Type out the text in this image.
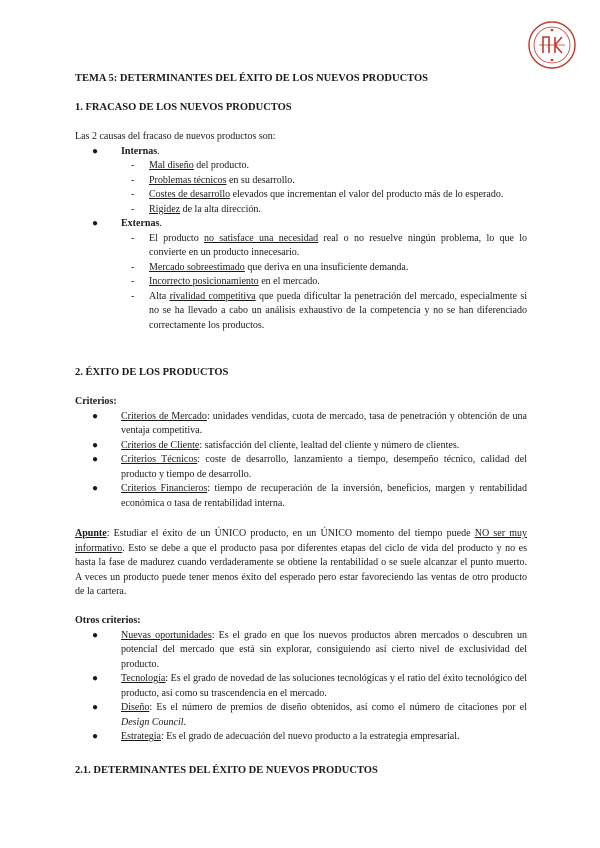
TEMA 5: DETERMINANTES DEL ÉXITO DE LOS NUEVOS PRODUCTOS
1. FRACASO DE LOS NUEVOS PRODUCTOS

Las 2 causas del fracaso de nuevos productos son:

● Internas.
- Mal diseño del producto.
- Problemas técnicos en su desarrollo.
- Costes de desarrollo elevados que incrementan el valor del producto más de lo esperado.
- Rigidez de la alta dirección.
● Externas.
- El producto no satisface una necesidad real o no resuelve ningún problema, lo que lo convierte en un producto innecesario.
- Mercado sobreestimado que deriva en una insuficiente demanda.
- Incorrecto posicionamiento en el mercado.
- Alta rivalidad competitiva que pueda dificultar la penetración del mercado, especialmente si no se ha llevado a cabo un análisis exhaustivo de la competencia y no se han diferenciado correctamente los productos.
2. ÉXITO DE LOS PRODUCTOS

Criterios:

● Criterios de Mercado: unidades vendidas, cuota de mercado, tasa de penetración y obtención de una ventaja competitiva.
● Criterios de Cliente: satisfacción del cliente, lealtad del cliente y número de clientes.
● Criterios Técnicos: coste de desarrollo, lanzamiento a tiempo, desempeño técnico, calidad del producto y tiempo de desarrollo.
● Criterios Financieros: tiempo de recuperación de la inversión, beneficios, margen y rentabilidad económica o tasa de rentabilidad interna.
Apunte: Estudiar el éxito de un ÚNICO producto, en un ÚNICO momento del tiempo puede NO ser muy informativo. Esto se debe a que el producto pasa por diferentes etapas del ciclo de vida del producto y no es hasta la fase de madurez cuando verdaderamente se obtiene la rentabilidad o se suele alcanzar el punto muerto. A veces un producto puede tener menos éxito del esperado pero estar favoreciendo las ventas de otro producto de la cartera.

Otros criterios:

● Nuevas oportunidades: Es el grado en que los nuevos productos abren mercados o descubren un potencial del mercado que está sin explorar, consiguiendo así cierto nivel de exclusividad del producto.
● Tecnología: Es el grado de novedad de las soluciones tecnológicas y el ratio del éxito tecnológico del producto, así como su trascendencia en el mercado.
● Diseño: Es el número de premios de diseño obtenidos, así como el número de citaciones por el Design Council.
● Estrategia: Es el grado de adecuación del nuevo producto a la estrategia empresarial.
2.1. DETERMINANTES DEL ÉXITO DE NUEVOS PRODUCTOS
